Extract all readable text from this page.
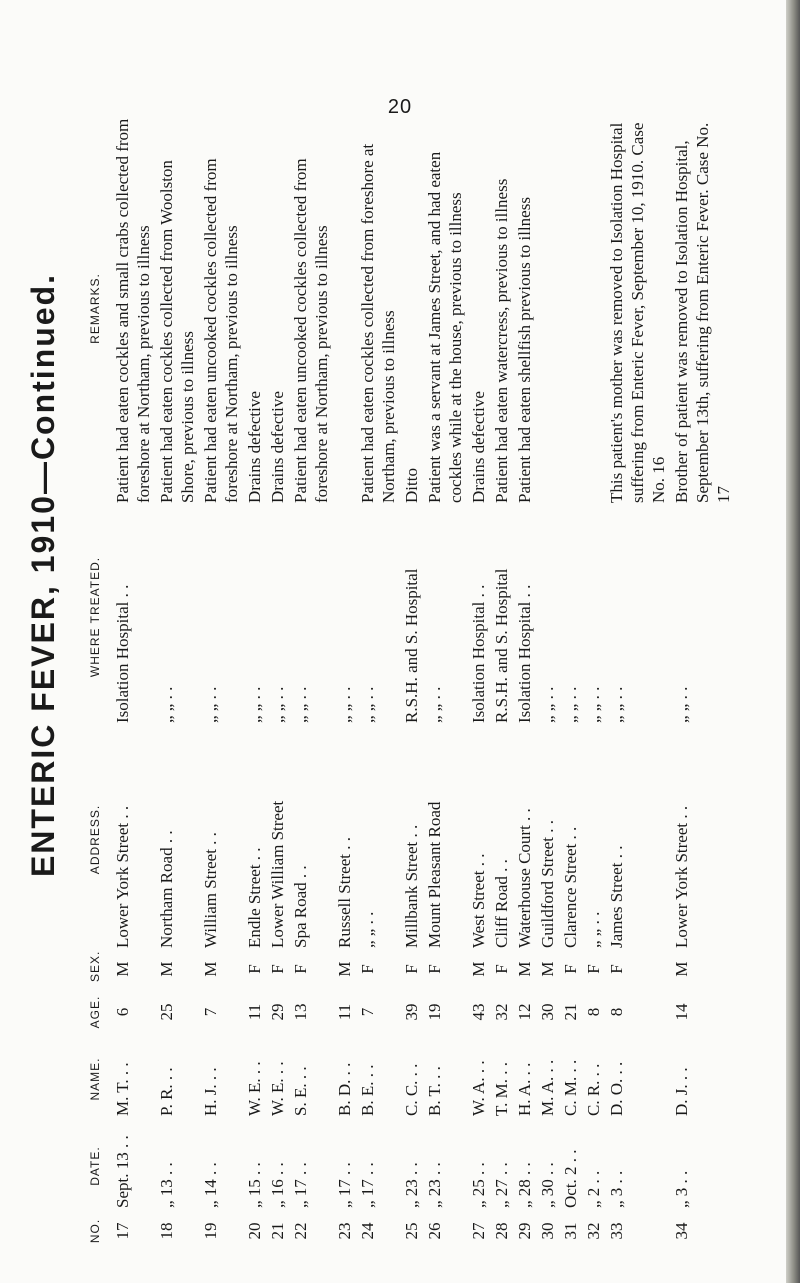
20
ENTERIC FEVER, 1910—Continued.
NO.	DATE.	NAME.	AGE.	SEX.	ADDRESS.	WHERE TREATED.	REMARKS.
17	Sept. 13 . .	M. T. . .	6	M	Lower York Street . .	Isolation Hospital . .	Patient had eaten cockles and small crabs collected from foreshore at Northam, previous to illness
18	„ 13 . .	P. R. . .	25	M	Northam Road . .	„ „ . .	Patient had eaten cockles collected from Woolston Shore, previous to illness
19	„ 14 . .	H. J. . .	7	M	William Street . .	„ „ . .	Patient had eaten uncooked cockles collected from foreshore at Northam, previous to illness
20	„ 15 . .	W. E. . .	11	F	Endle Street . .	„ „ . .	Drains defective
21	„ 16 . .	W. E. . .	29	F	Lower William Street	„ „ . .	Drains defective
22	„ 17 . .	S. E. . .	13	F	Spa Road . .	„ „ . .	Patient had eaten uncooked cockles collected from foreshore at Northam, previous to illness
23	„ 17 . .	B. D. . .	11	M	Russell Street . .	„ „ . .	
24	„ 17 . .	B. E. . .	7	F	„ „ . .	„ „ . .	Patient had eaten cockles collected from foreshore at Northam, previous to illness
25	„ 23 . .	C. C. . .	39	F	Millbank Street . .	R.S.H. and S. Hospital	Ditto
26	„ 23 . .	B. T. . .	19	F	Mount Pleasant Road	„ „ . .	Patient was a servant at James Street, and had eaten cockles while at the house, previous to illness
27	„ 25 . .	W. A. . .	43	M	West Street . .	Isolation Hospital . .	Drains defective
28	„ 27 . .	T. M. . .	32	F	Cliff Road . .	R.S.H. and S. Hospital	Patient had eaten watercress, previous to illness
29	„ 28 . .	H. A. . .	12	M	Waterhouse Court . .	Isolation Hospital . .	Patient had eaten shellfish previous to illness
30	„ 30 . .	M. A. . .	30	M	Guildford Street . .	„ „ . .	
31	Oct. 2 . .	C. M. . .	21	F	Clarence Street . .	„ „ . .	
32	„ 2 . .	C. R. . .	8	F	„ „ . .	„ „ . .	
33	„ 3 . .	D. O. . .	8	F	James Street . .	„ „ . .	This patient's mother was removed to Isolation Hospital suffering from Enteric Fever, September 10, 1910. Case No. 16
34	„ 3 . .	D. J. . .	14	M	Lower York Street . .	„ „ . .	Brother of patient was removed to Isolation Hospital, September 13th, suffering from Enteric Fever. Case No. 17
